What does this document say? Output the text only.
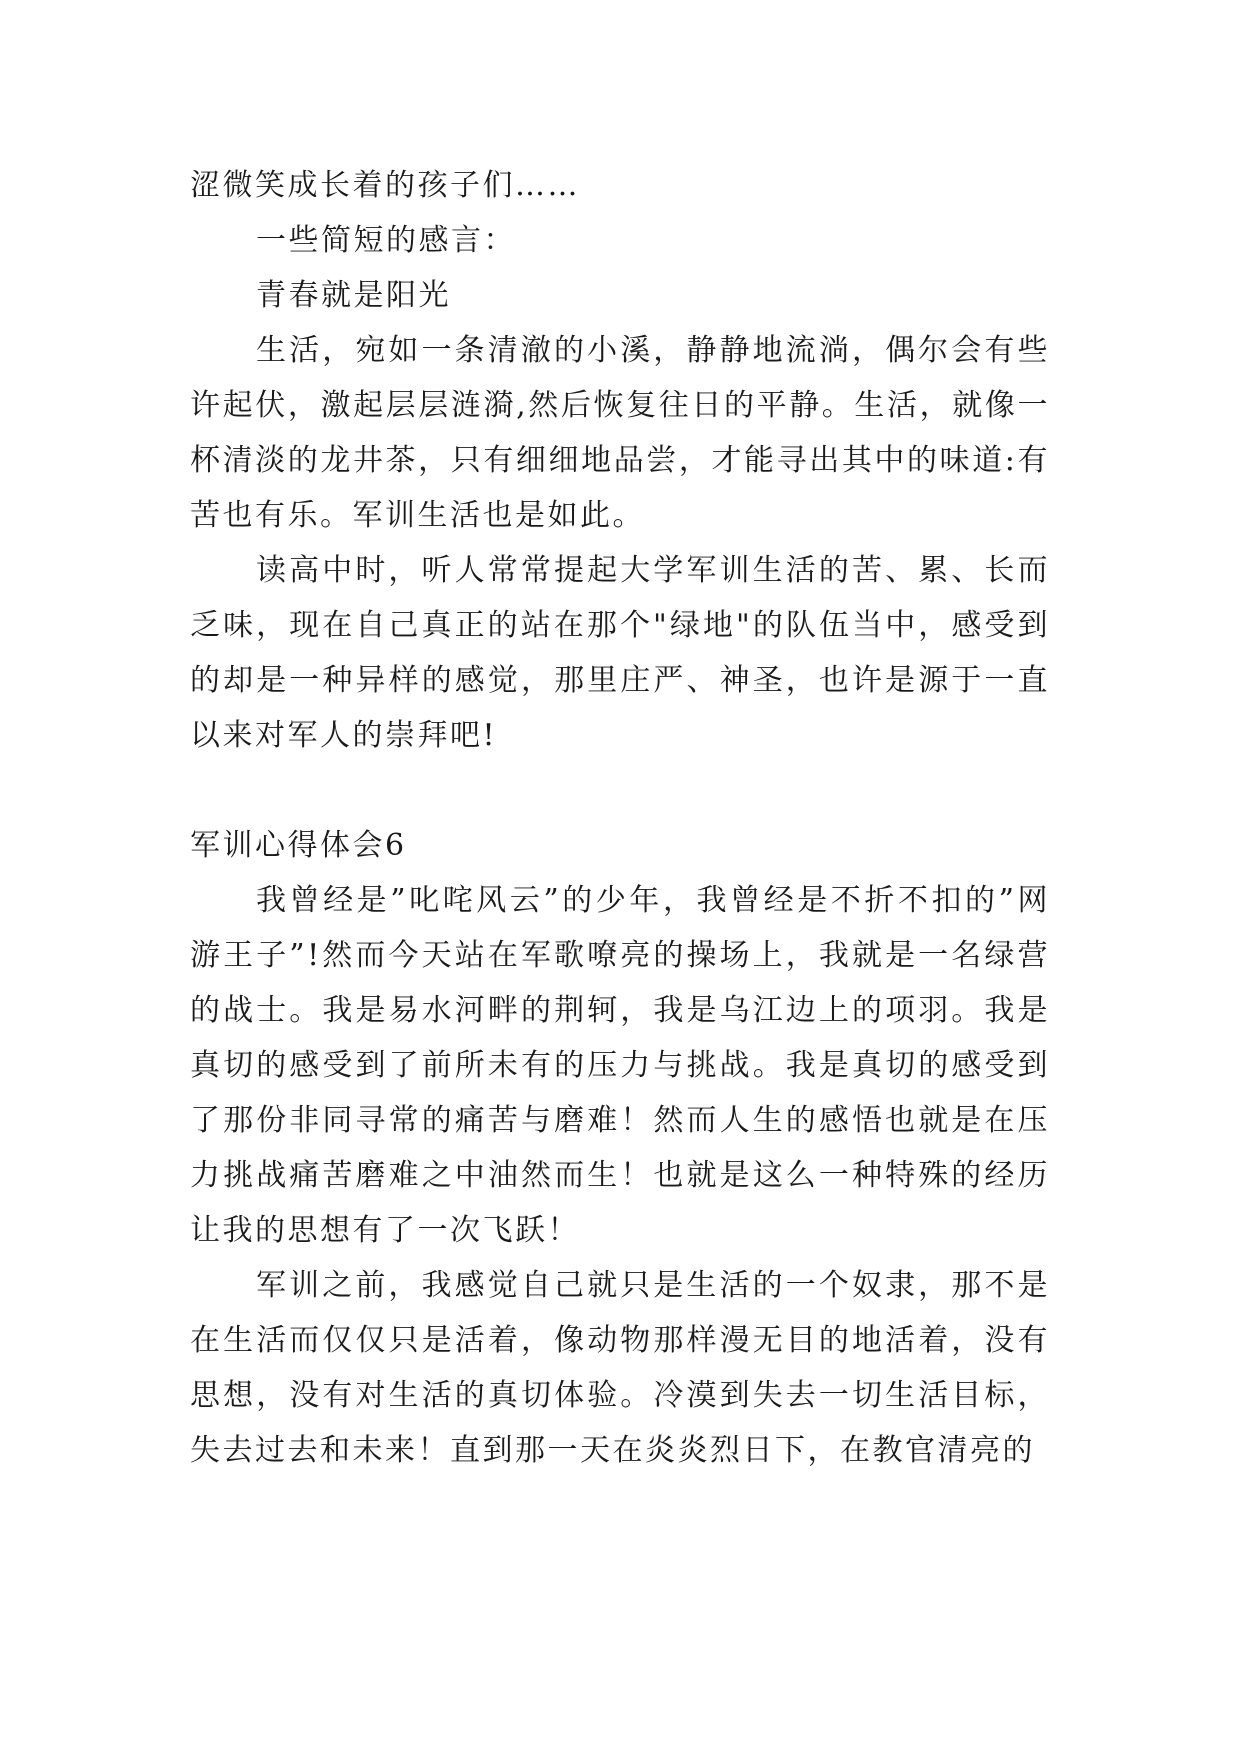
涩微笑成长着的孩子们……

一些简短的感言：

青春就是阳光

生活，宛如一条清澈的小溪，静静地流淌，偶尔会有些许起伏，激起层层涟漪,然后恢复往日的平静。生活，就像一杯清淡的龙井茶，只有细细地品尝，才能寻出其中的味道:有苦也有乐。军训生活也是如此。

读高中时，听人常常提起大学军训生活的苦、累、长而乏味，现在自己真正的站在那个"绿地"的队伍当中，感受到的却是一种异样的感觉，那里庄严、神圣，也许是源于一直以来对军人的崇拜吧!

军训心得体会6

我曾经是”叱咤风云”的少年，我曾经是不折不扣的”网游王子”!然而今天站在军歌嘹亮的操场上，我就是一名绿营的战士。我是易水河畔的荆轲，我是乌江边上的项羽。我是真切的感受到了前所未有的压力与挑战。我是真切的感受到了那份非同寻常的痛苦与磨难！然而人生的感悟也就是在压力挑战痛苦磨难之中油然而生！也就是这么一种特殊的经历让我的思想有了一次飞跃！

军训之前，我感觉自己就只是生活的一个奴隶，那不是在生活而仅仅只是活着，像动物那样漫无目的地活着，没有思想，没有对生活的真切体验。冷漠到失去一切生活目标，失去过去和未来！直到那一天在炎炎烈日下，在教官清亮的
